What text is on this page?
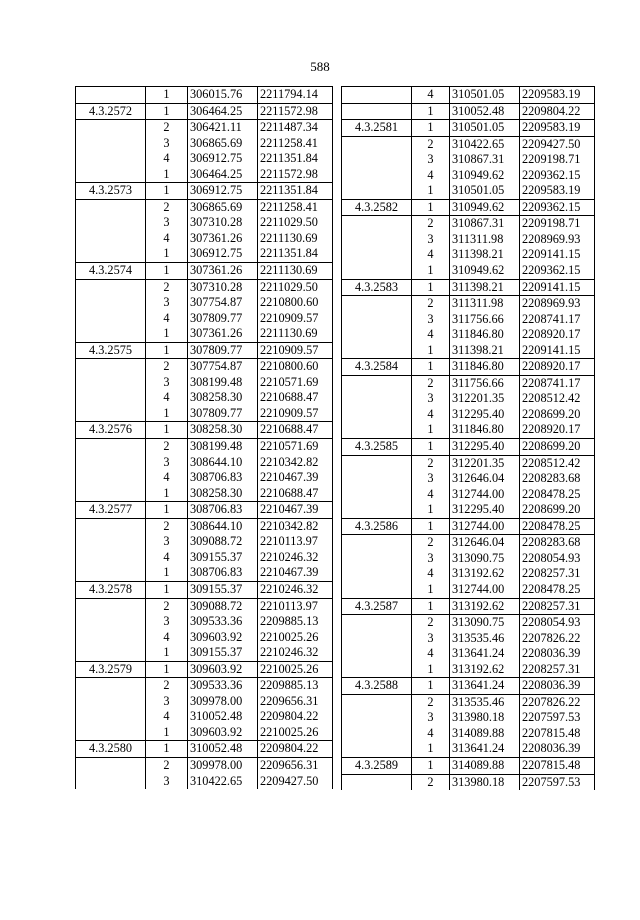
588
	1	306015.76	2211794.14
4.3.2572	1	306464.25	2211572.98
	2	306421.11	2211487.34
	3	306865.69	2211258.41
	4	306912.75	2211351.84
	1	306464.25	2211572.98
4.3.2573	1	306912.75	2211351.84
	2	306865.69	2211258.41
	3	307310.28	2211029.50
	4	307361.26	2211130.69
	1	306912.75	2211351.84
4.3.2574	1	307361.26	2211130.69
	2	307310.28	2211029.50
	3	307754.87	2210800.60
	4	307809.77	2210909.57
	1	307361.26	2211130.69
4.3.2575	1	307809.77	2210909.57
	2	307754.87	2210800.60
	3	308199.48	2210571.69
	4	308258.30	2210688.47
	1	307809.77	2210909.57
4.3.2576	1	308258.30	2210688.47
	2	308199.48	2210571.69
	3	308644.10	2210342.82
	4	308706.83	2210467.39
	1	308258.30	2210688.47
4.3.2577	1	308706.83	2210467.39
	2	308644.10	2210342.82
	3	309088.72	2210113.97
	4	309155.37	2210246.32
	1	308706.83	2210467.39
4.3.2578	1	309155.37	2210246.32
	2	309088.72	2210113.97
	3	309533.36	2209885.13
	4	309603.92	2210025.26
	1	309155.37	2210246.32
4.3.2579	1	309603.92	2210025.26
	2	309533.36	2209885.13
	3	309978.00	2209656.31
	4	310052.48	2209804.22
	1	309603.92	2210025.26
4.3.2580	1	310052.48	2209804.22
	2	309978.00	2209656.31
	3	310422.65	2209427.50
	4	310501.05	2209583.19
	1	310052.48	2209804.22
4.3.2581	1	310501.05	2209583.19
	2	310422.65	2209427.50
	3	310867.31	2209198.71
	4	310949.62	2209362.15
	1	310501.05	2209583.19
4.3.2582	1	310949.62	2209362.15
	2	310867.31	2209198.71
	3	311311.98	2208969.93
	4	311398.21	2209141.15
	1	310949.62	2209362.15
4.3.2583	1	311398.21	2209141.15
	2	311311.98	2208969.93
	3	311756.66	2208741.17
	4	311846.80	2208920.17
	1	311398.21	2209141.15
4.3.2584	1	311846.80	2208920.17
	2	311756.66	2208741.17
	3	312201.35	2208512.42
	4	312295.40	2208699.20
	1	311846.80	2208920.17
4.3.2585	1	312295.40	2208699.20
	2	312201.35	2208512.42
	3	312646.04	2208283.68
	4	312744.00	2208478.25
	1	312295.40	2208699.20
4.3.2586	1	312744.00	2208478.25
	2	312646.04	2208283.68
	3	313090.75	2208054.93
	4	313192.62	2208257.31
	1	312744.00	2208478.25
4.3.2587	1	313192.62	2208257.31
	2	313090.75	2208054.93
	3	313535.46	2207826.22
	4	313641.24	2208036.39
	1	313192.62	2208257.31
4.3.2588	1	313641.24	2208036.39
	2	313535.46	2207826.22
	3	313980.18	2207597.53
	4	314089.88	2207815.48
	1	313641.24	2208036.39
4.3.2589	1	314089.88	2207815.48
	2	313980.18	2207597.53
